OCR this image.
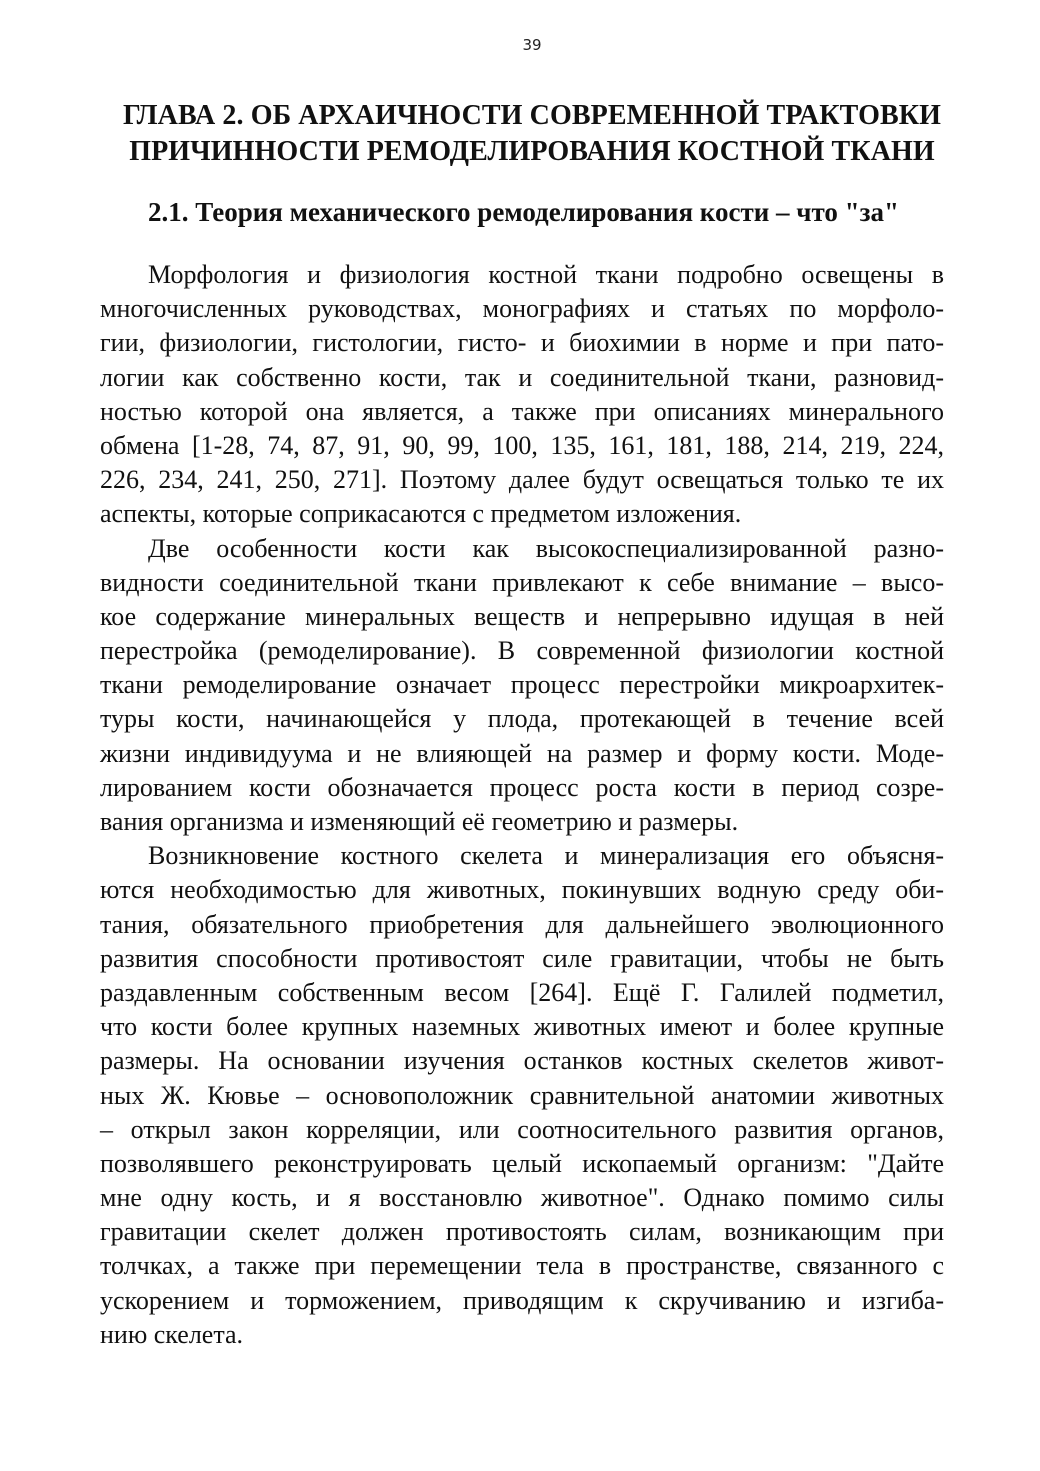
39
ГЛАВА 2. ОБ АРХАИЧНОСТИ СОВРЕМЕННОЙ ТРАКТОВКИ
ПРИЧИННОСТИ РЕМОДЕЛИРОВАНИЯ КОСТНОЙ ТКАНИ
2.1. Теория механического ремоделирования кости – что "за"
Морфология и физиология костной ткани подробно освещены в
многочисленных руководствах, монографиях и статьях по морфоло-
гии, физиологии, гистологии, гисто- и биохимии в норме и при пато-
логии как собственно кости, так и соединительной ткани, разновид-
ностью которой она является, а также при описаниях минерального
обмена [1-28, 74, 87, 91, 90, 99, 100, 135, 161, 181, 188, 214, 219, 224,
226, 234, 241, 250, 271]. Поэтому далее будут освещаться только те их
аспекты, которые соприкасаются с предметом изложения.
Две особенности кости как высокоспециализированной разно-
видности соединительной ткани привлекают к себе внимание – высо-
кое содержание минеральных веществ и непрерывно идущая в ней
перестройка (ремоделирование). В современной физиологии костной
ткани ремоделирование означает процесс перестройки микроархитек-
туры кости, начинающейся у плода, протекающей в течение всей
жизни индивидуума и не влияющей на размер и форму кости. Моде-
лированием кости обозначается процесс роста кости в период созре-
вания организма и изменяющий её геометрию и размеры.
Возникновение костного скелета и минерализация его объясня-
ются необходимостью для животных, покинувших водную среду оби-
тания, обязательного приобретения для дальнейшего эволюционного
развития способности противостоят силе гравитации, чтобы не быть
раздавленным собственным весом [264]. Ещё Г. Галилей подметил,
что кости более крупных наземных животных имеют и более крупные
размеры. На основании изучения останков костных скелетов живот-
ных Ж. Кювье – основоположник сравнительной анатомии животных
– открыл закон корреляции, или соотносительного развития органов,
позволявшего реконструировать целый ископаемый организм: "Дайте
мне одну кость, и я восстановлю животное". Однако помимо силы
гравитации скелет должен противостоять силам, возникающим при
толчках, а также при перемещении тела в пространстве, связанного с
ускорением и торможением, приводящим к скручиванию и изгиба-
нию скелета.
